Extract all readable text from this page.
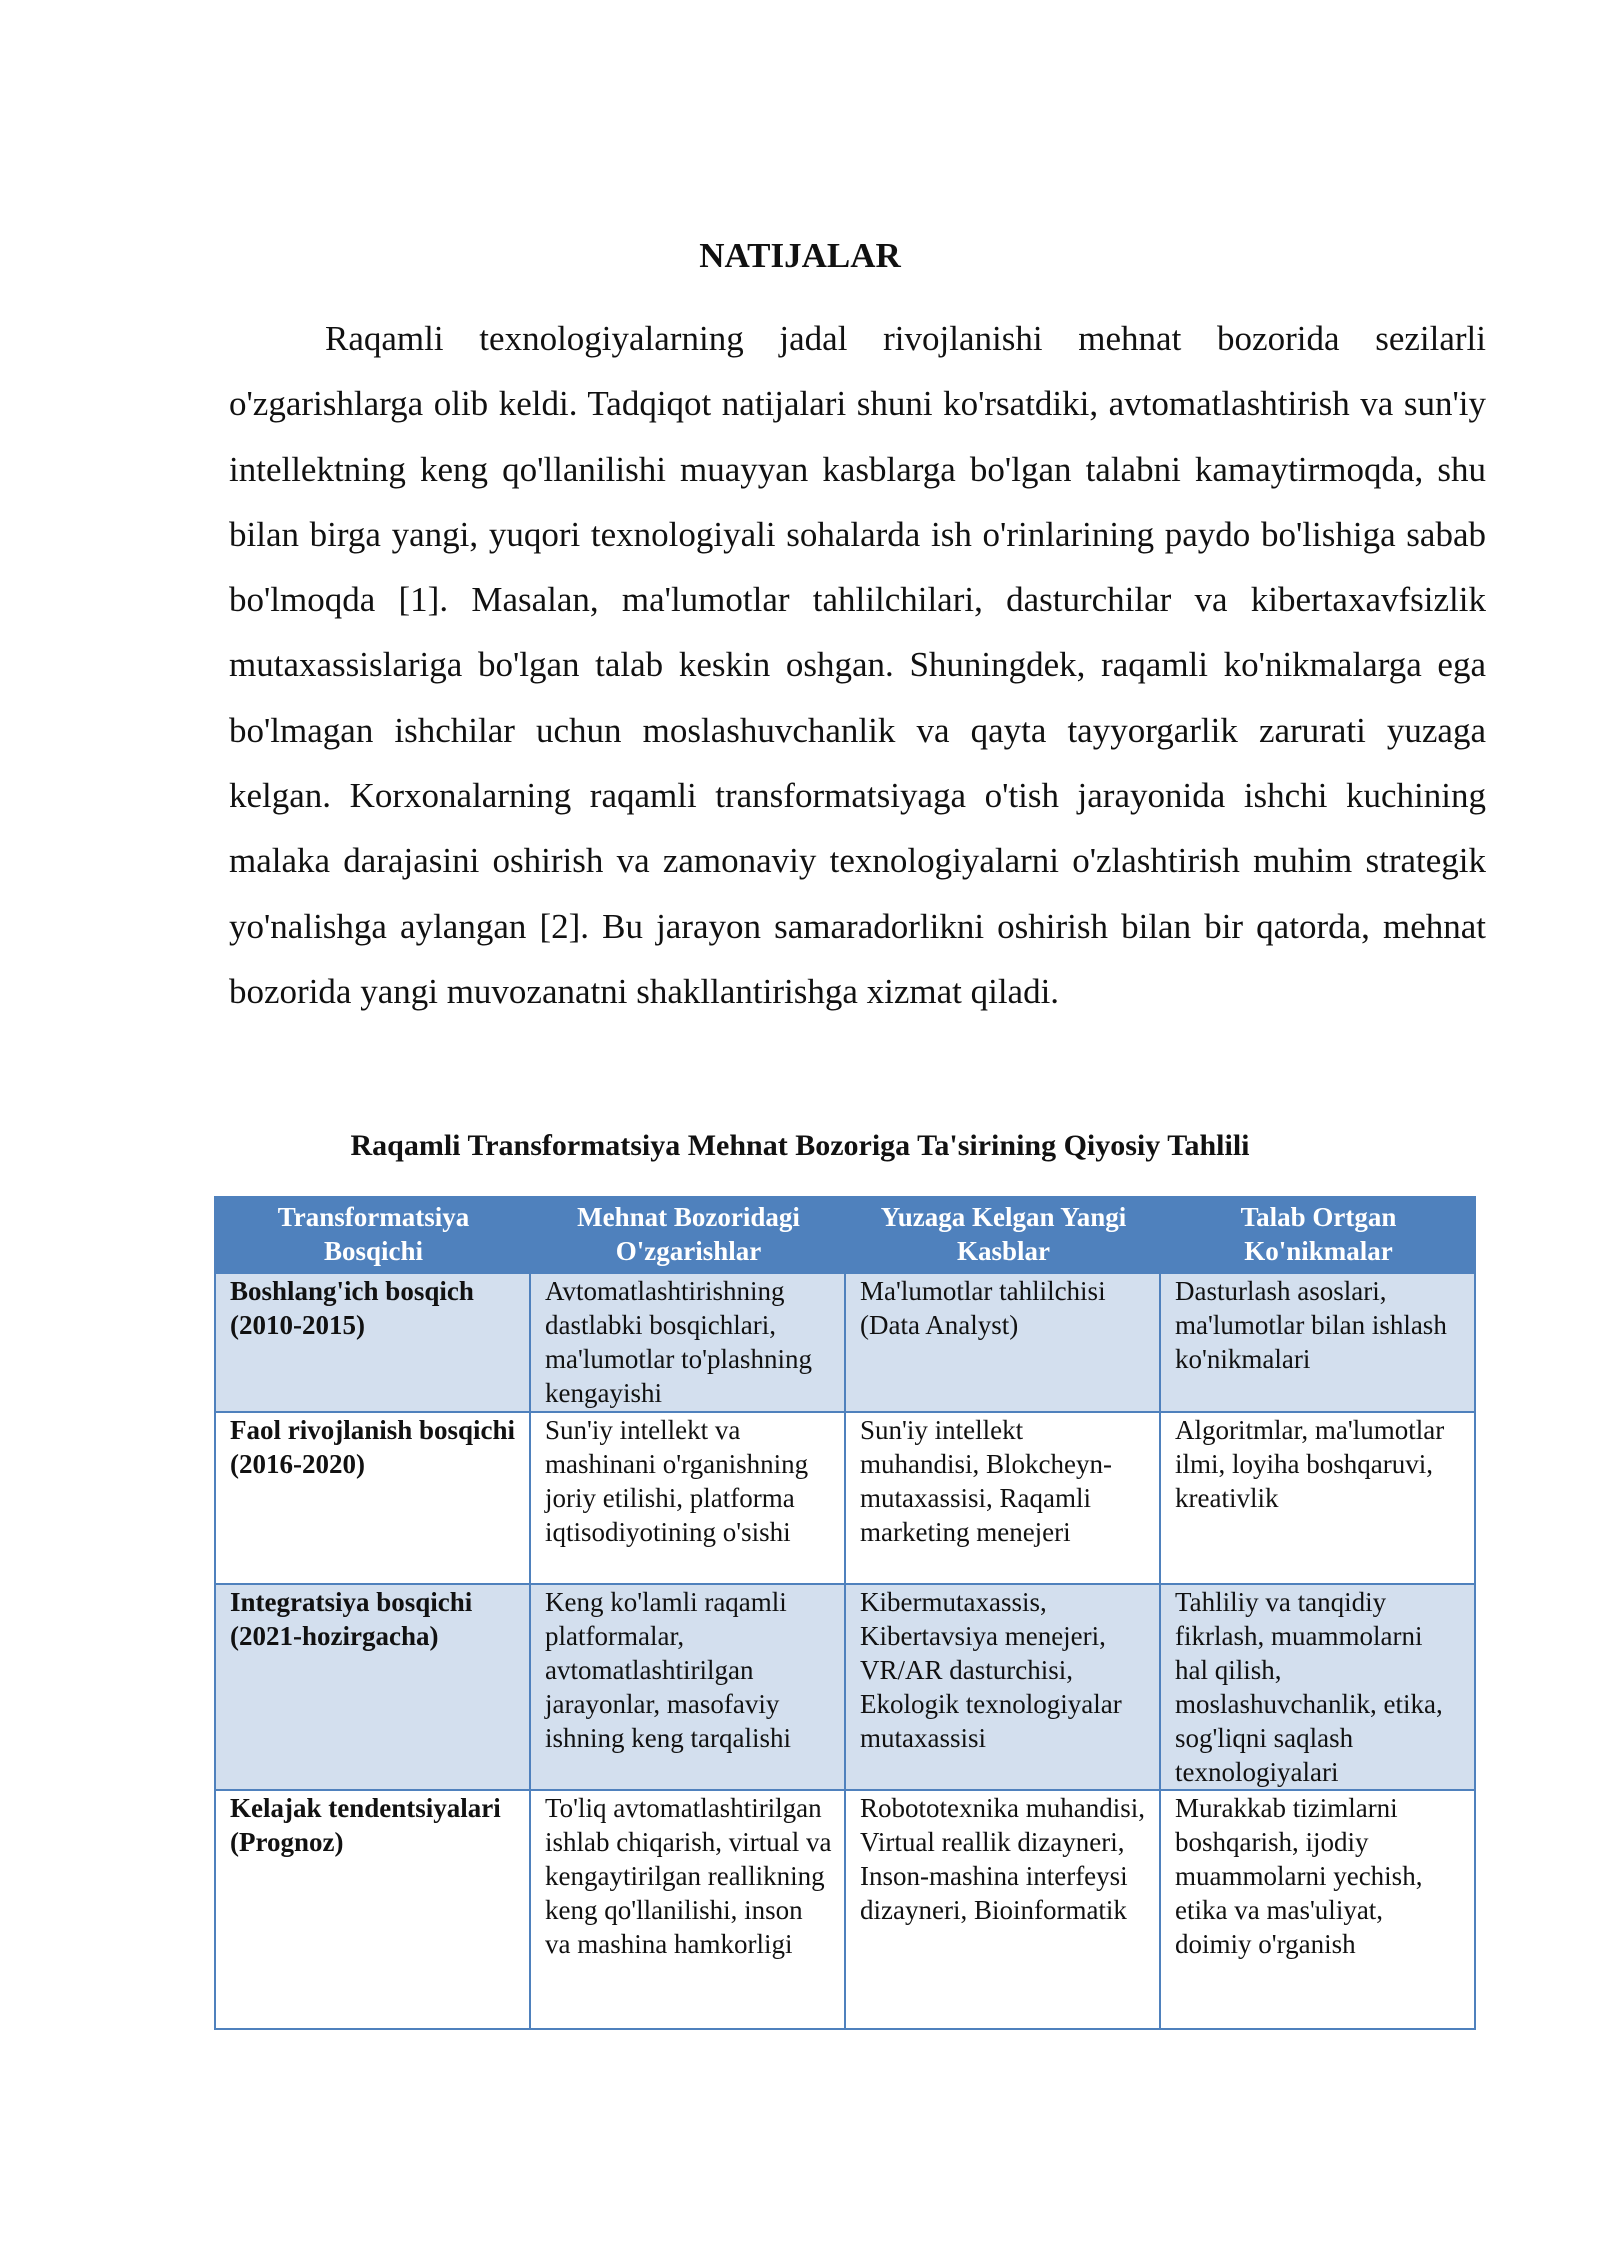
NATIJALAR

Raqamli texnologiyalarning jadal rivojlanishi mehnat bozorida sezilarli o'zgarishlarga olib keldi. Tadqiqot natijalari shuni ko'rsatdiki, avtomatlashtirish va sun'iy intellektning keng qo'llanilishi muayyan kasblarga bo'lgan talabni kamaytirmoqda, shu bilan birga yangi, yuqori texnologiyali sohalarda ish o'rinlarining paydo bo'lishiga sabab bo'lmoqda [1]. Masalan, ma'lumotlar tahlilchilari, dasturchilar va kibertaxavfsizlik mutaxassislariga bo'lgan talab keskin oshgan. Shuningdek, raqamli ko'nikmalarga ega bo'lmagan ishchilar uchun moslashuvchanlik va qayta tayyorgarlik zarurati yuzaga kelgan. Korxonalarning raqamli transformatsiyaga o'tish jarayonida ishchi kuchining malaka darajasini oshirish va zamonaviy texnologiyalarni o'zlashtirish muhim strategik yo'nalishga aylangan [2]. Bu jarayon samaradorlikni oshirish bilan bir qatorda, mehnat bozorida yangi muvozanatni shakllantirishga xizmat qiladi.

Raqamli Transformatsiya Mehnat Bozoriga Ta'sirining Qiyosiy Tahlili

Transformatsiya Bosqichi	Mehnat Bozoridagi O'zgarishlar	Yuzaga Kelgan Yangi Kasblar	Talab Ortgan Ko'nikmalar
Boshlang'ich bosqich (2010-2015)	Avtomatlashtirishning dastlabki bosqichlari, ma'lumotlar to'plashning kengayishi	Ma'lumotlar tahlilchisi (Data Analyst)	Dasturlash asoslari, ma'lumotlar bilan ishlash ko'nikmalari
Faol rivojlanish bosqichi (2016-2020)	Sun'iy intellekt va mashinani o'rganishning joriy etilishi, platforma iqtisodiyotining o'sishi	Sun'iy intellekt muhandisi, Blokcheyn-mutaxassisi, Raqamli marketing menejeri	Algoritmlar, ma'lumotlar ilmi, loyiha boshqaruvi, kreativlik
Integratsiya bosqichi (2021-hozirgacha)	Keng ko'lamli raqamli platformalar, avtomatlashtirilgan jarayonlar, masofaviy ishning keng tarqalishi	Kibermutaxassis, Kibertavsiya menejeri, VR/AR dasturchisi, Ekologik texnologiyalar mutaxassisi	Tahliliy va tanqidiy fikrlash, muammolarni hal qilish, moslashuvchanlik, etika, sog'liqni saqlash texnologiyalari
Kelajak tendentsiyalari (Prognoz)	To'liq avtomatlashtirilgan ishlab chiqarish, virtual va kengaytirilgan reallikning keng qo'llanilishi, inson va mashina hamkorligi	Robototexnika muhandisi, Virtual reallik dizayneri, Inson-mashina interfeysi dizayneri, Bioinformatik	Murakkab tizimlarni boshqarish, ijodiy muammolarni yechish, etika va mas'uliyat, doimiy o'rganish
